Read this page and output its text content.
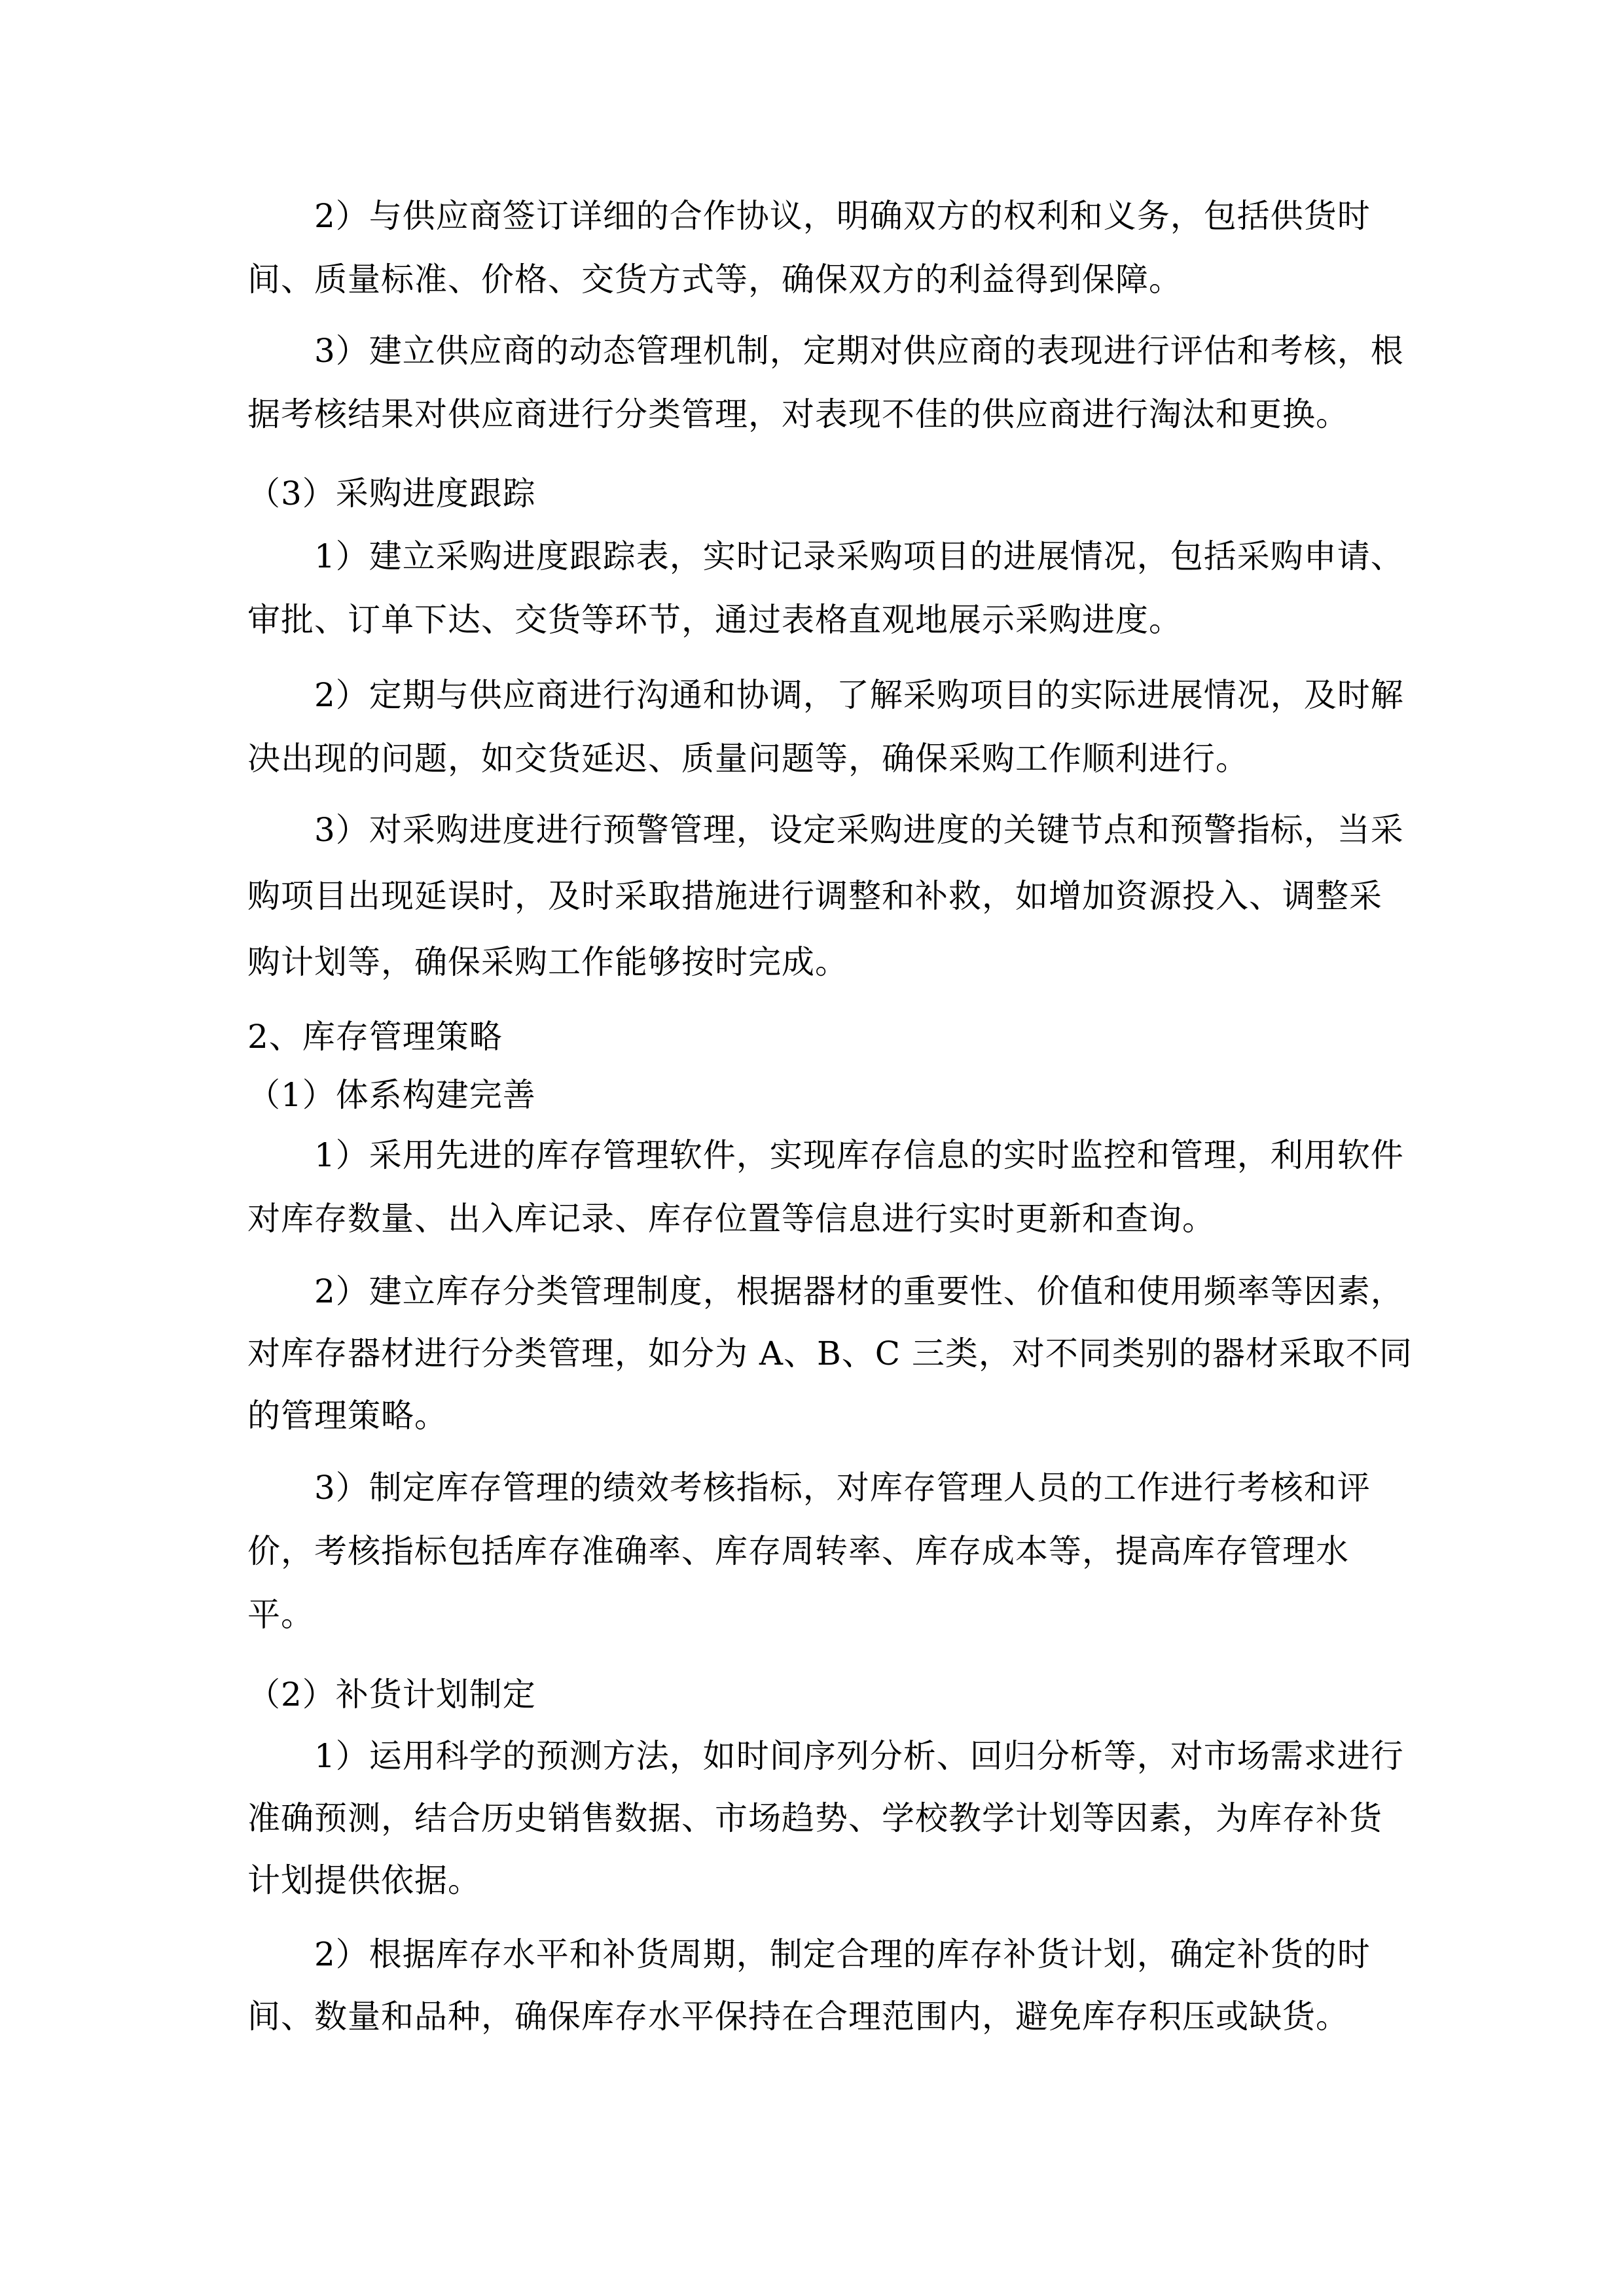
2）与供应商签订详细的合作协议，明确双方的权利和义务，包括供货时
间、质量标准、价格、交货方式等，确保双方的利益得到保障。
3）建立供应商的动态管理机制，定期对供应商的表现进行评估和考核，根
据考核结果对供应商进行分类管理，对表现不佳的供应商进行淘汰和更换。
（3）采购进度跟踪
1）建立采购进度跟踪表，实时记录采购项目的进展情况，包括采购申请、
审批、订单下达、交货等环节，通过表格直观地展示采购进度。
2）定期与供应商进行沟通和协调，了解采购项目的实际进展情况，及时解
决出现的问题，如交货延迟、质量问题等，确保采购工作顺利进行。
3）对采购进度进行预警管理，设定采购进度的关键节点和预警指标，当采
购项目出现延误时，及时采取措施进行调整和补救，如增加资源投入、调整采
购计划等，确保采购工作能够按时完成。
2、库存管理策略
（1）体系构建完善
1）采用先进的库存管理软件，实现库存信息的实时监控和管理，利用软件
对库存数量、出入库记录、库存位置等信息进行实时更新和查询。
2）建立库存分类管理制度，根据器材的重要性、价值和使用频率等因素，
对库存器材进行分类管理，如分为 A、B、C 三类，对不同类别的器材采取不同
的管理策略。
3）制定库存管理的绩效考核指标，对库存管理人员的工作进行考核和评
价，考核指标包括库存准确率、库存周转率、库存成本等，提高库存管理水
平。
（2）补货计划制定
1）运用科学的预测方法，如时间序列分析、回归分析等，对市场需求进行
准确预测，结合历史销售数据、市场趋势、学校教学计划等因素，为库存补货
计划提供依据。
2）根据库存水平和补货周期，制定合理的库存补货计划，确定补货的时
间、数量和品种，确保库存水平保持在合理范围内，避免库存积压或缺货。
